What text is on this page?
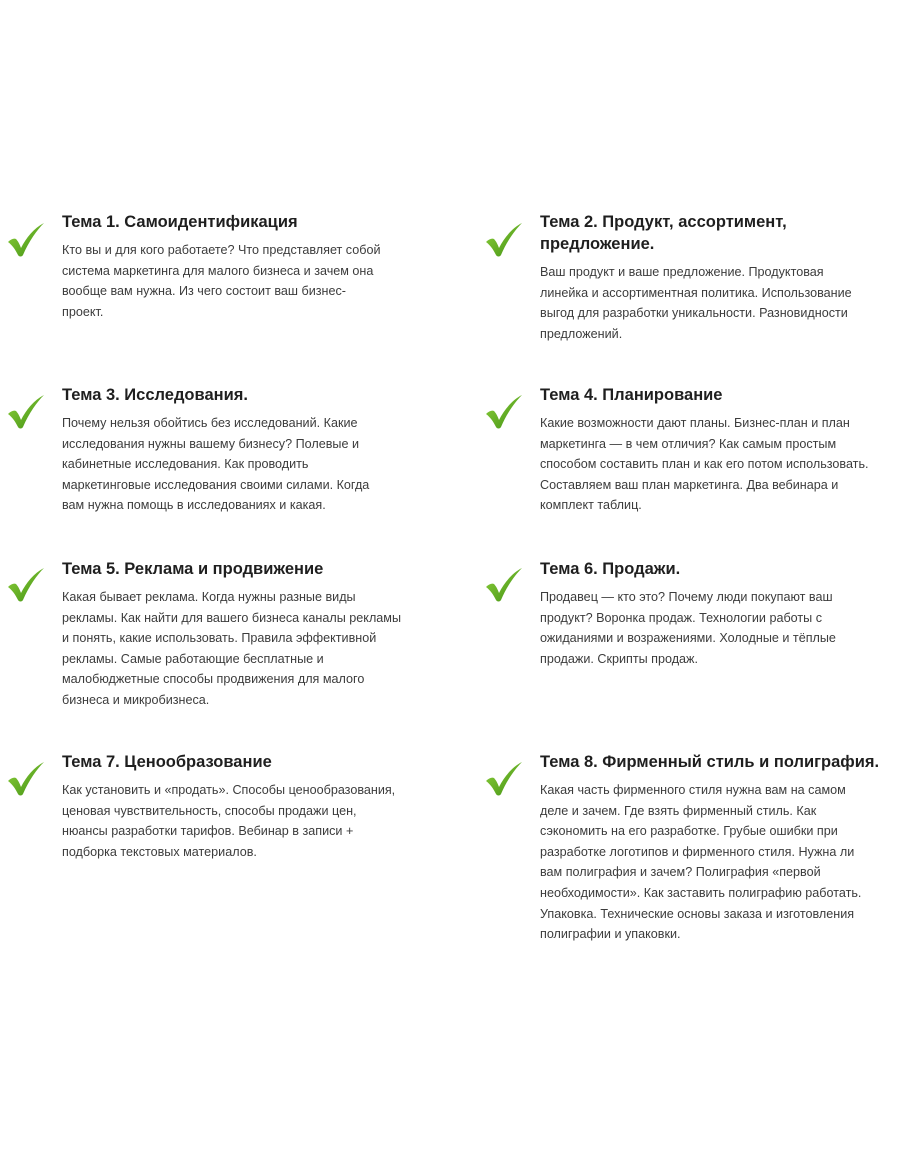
Тема 1. Самоидентификация

Кто вы и для кого работаете? Что представляет собой система маркетинга для малого бизнеса и зачем она вообще вам нужна. Из чего состоит ваш бизнес-проект.

Тема 2. Продукт, ассортимент, предложение.

Ваш продукт и ваше предложение. Продуктовая линейка и ассортиментная политика. Использование выгод для разработки уникальности. Разновидности предложений.

Тема 3. Исследования.

Почему нельзя обойтись без исследований. Какие исследования нужны вашему бизнесу? Полевые и кабинетные исследования. Как проводить маркетинговые исследования своими силами. Когда вам нужна помощь в исследованиях и какая.

Тема 4. Планирование

Какие возможности дают планы. Бизнес-план и план маркетинга — в чем отличия? Как самым простым способом составить план и как его потом использовать. Составляем ваш план маркетинга. Два вебинара и комплект таблиц.

Тема 5. Реклама и продвижение

Какая бывает реклама. Когда нужны разные виды рекламы. Как найти для вашего бизнеса каналы рекламы и понять, какие использовать. Правила эффективной рекламы. Самые работающие бесплатные и малобюджетные способы продвижения для малого бизнеса и микробизнеса.

Тема 6. Продажи.

Продавец — кто это? Почему люди покупают ваш продукт? Воронка продаж. Технологии работы с ожиданиями и возражениями. Холодные и тёплые продажи. Скрипты продаж.

Тема 7. Ценообразование

Как установить и «продать». Способы ценообразования, ценовая чувствительность, способы продажи цен, нюансы разработки тарифов. Вебинар в записи + подборка текстовых материалов.

Тема 8. Фирменный стиль и полиграфия.

Какая часть фирменного стиля нужна вам на самом деле и зачем. Где взять фирменный стиль. Как сэкономить на его разработке. Грубые ошибки при разработке логотипов и фирменного стиля. Нужна ли вам полиграфия и зачем? Полиграфия «первой необходимости». Как заставить полиграфию работать. Упаковка. Технические основы заказа и изготовления полиграфии и упаковки.
